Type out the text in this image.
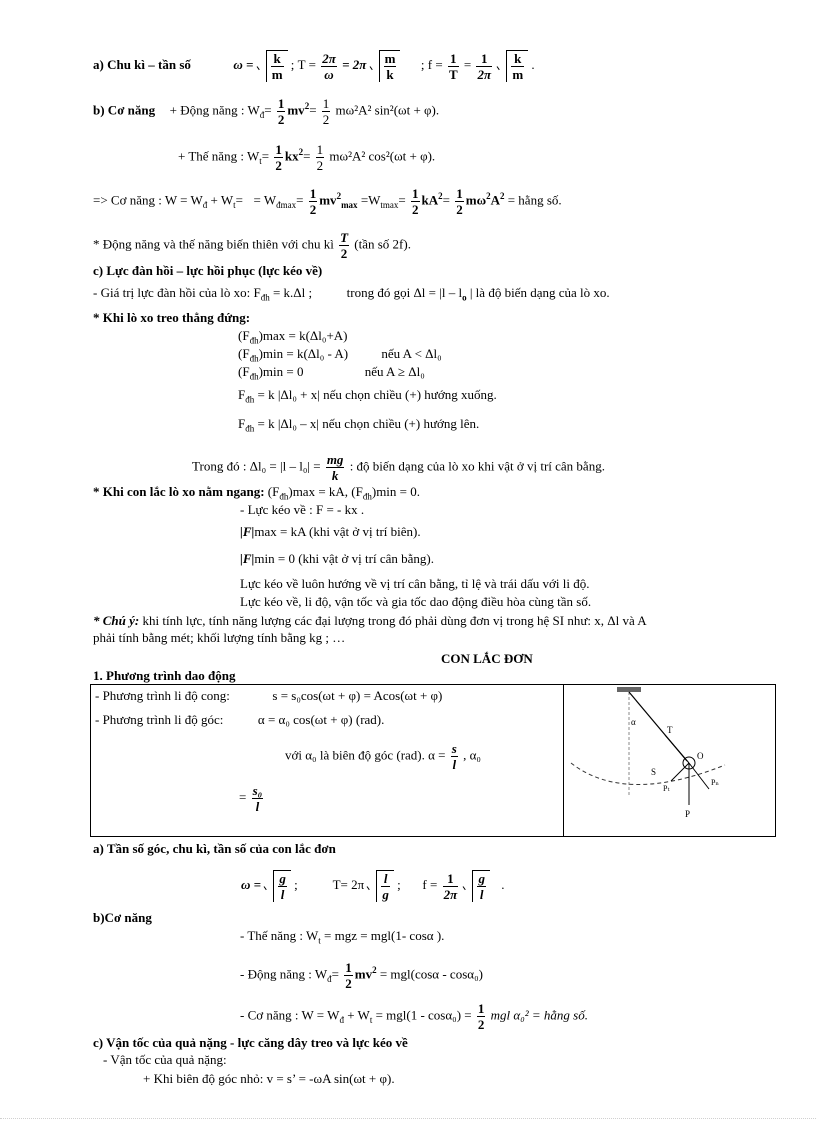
a) Chu kì – tần số	$\omega = \frac{k}{m}$ ; $T = \frac{2\pi}{\omega} = 2\pi \frac{m}{k}$ ; $f = \frac{1}{T} = \frac{1}{2\pi}$
$\frac{k}{m}$ .
b) Cơ năng + Động năng : $W_đ= \frac{1}{2} mv^2= \frac{1}{2} m\omega^2A^2$ sin²(ωt + φ).
+ Thế năng : $W_t= \frac{1}{2} kx^2= \frac{1}{2} m\omega^2A^2$ cos²(ωt + φ).
=> Cơ năng : $W = W_đ + W_t= = W_{đmax}= \frac{1}{2} mv^2_{max} =W_{tmax}= \frac{1}{2} kA^2= \frac{1}{2} m\omega^2A^2$ = hằng số.
* Động năng và thế năng biến thiên với chu kì $\frac{T}{2}$ (tần số 2f).
c) Lực đàn hồi – lực hồi phục (lực kéo về)
- Giá trị lực đàn hồi của lò xo: $F_{đh} = k.\Delta l$ ;	trong đó gọi $\Delta l = |l - l_o$ | là độ biến dạng của lò xo.
* Khi lò xo treo thẳng đứng:
$(F_{đh})\max = k(\Delta l_0+A)$
$(F_{đh})\min = k(\Delta l_0 - A)$	nếu A < Δl₀
$(F_{đh})\min = 0$	nếu A ≥ Δl₀
$F_{đh} = k$ |Δl₀ + x| nếu chọn chiều (+) hướng xuống.
$F_{đh} = k$ |Δl₀ – x| nếu chọn chiều (+) hướng lên.
Trong đó : $\Delta l_0 = |l - l_0| = \frac{mg}{k}$ : độ biến dạng của lò xo khi vật ở vị trí cân bằng.
* Khi con lắc lò xo nằm ngang: $(F_{đh})\max$ = kA, $(F_{đh})\min = 0$.
- Lực kéo về : F = - kx .
|F|max = kA (khi vật ở vị trí biên).
|F|min = 0 (khi vật ở vị trí cân bằng).
Lực kéo về luôn hướng về vị trí cân bằng, tỉ lệ và trái dấu với li độ.
Lực kéo về, li độ, vận tốc và gia tốc dao động điều hòa cùng tần số.
* Chú ý: khi tính lực, tính năng lượng các đại lượng trong đó phải dùng đơn vị trong hệ SI như: x, Δl và A
phải tính bằng mét; khối lượng tính bằng kg ; …
CON LẮC ĐƠN
1. Phương trình dao động
- Phương trình li độ cong:	s = s₀cos(ωt + φ) = Acos(ωt + φ)
- Phương trình li độ góc:	α = α₀ cos(ωt + φ) (rad).
với α₀ là biên độ góc (rad). $\alpha = \frac{s}{l}$ , α₀
= $\frac{\text{s₀}}{l}$
α
T
S
O
Pₜ
Pₙ
P
a) Tần số góc, chu kì, tần số của con lắc đơn
$\omega = \frac{g}{l}$ ;	$T= 2\pi \frac{l}{g}$ ; $f = \frac{1}{2\pi}$
$\frac{g}{l}$ .
b)Cơ năng
- Thế năng : $W_t$ = mgz = mgl(1- cosα ).
- Động năng : $W_đ= \frac{1}{2} mv^2 = mgl(\cos\alpha - \cos\alpha_0)$
- Cơ năng : $W = W_đ + W_t = mgl(1 - \cos\alpha_0) = \frac{1}{2}$ mgl α₀² = hằng số.
c) Vận tốc của quả nặng - lực căng dây treo và lực kéo về
- Vận tốc của quả nặng:
+ Khi biên độ góc nhỏ: v = s’ = -ωA sin(ωt + φ).
